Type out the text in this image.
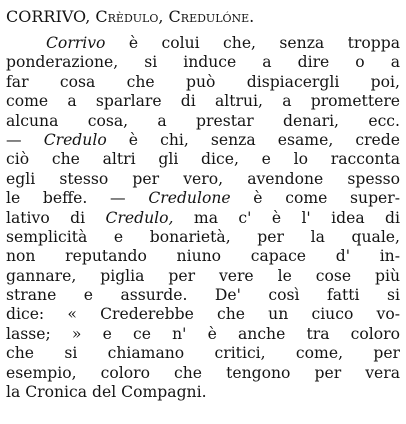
CORRIVO, Crèdulo, Credulóne.
Corrivo è colui che, senza troppa
ponderazione, si induce a dire o a
far cosa che può dispiacergli poi,
come a sparlare di altrui, a promettere
alcuna cosa, a prestar denari, ecc.
— Credulo è chi, senza esame, crede
ciò che altri gli dice, e lo racconta
egli stesso per vero, avendone spesso
le beffe. — Credulone è come super-
lativo di Credulo, ma c' è l' idea di
semplicità e bonarietà, per la quale,
non reputando niuno capace d' in-
gannare, piglia per vere le cose più
strane e assurde. De' così fatti si
dice: « Crederebbe che un ciuco vo-
lasse; » e ce n' è anche tra coloro
che si chiamano critici, come, per
esempio, coloro che tengono per vera
la Cronica del Compagni.
